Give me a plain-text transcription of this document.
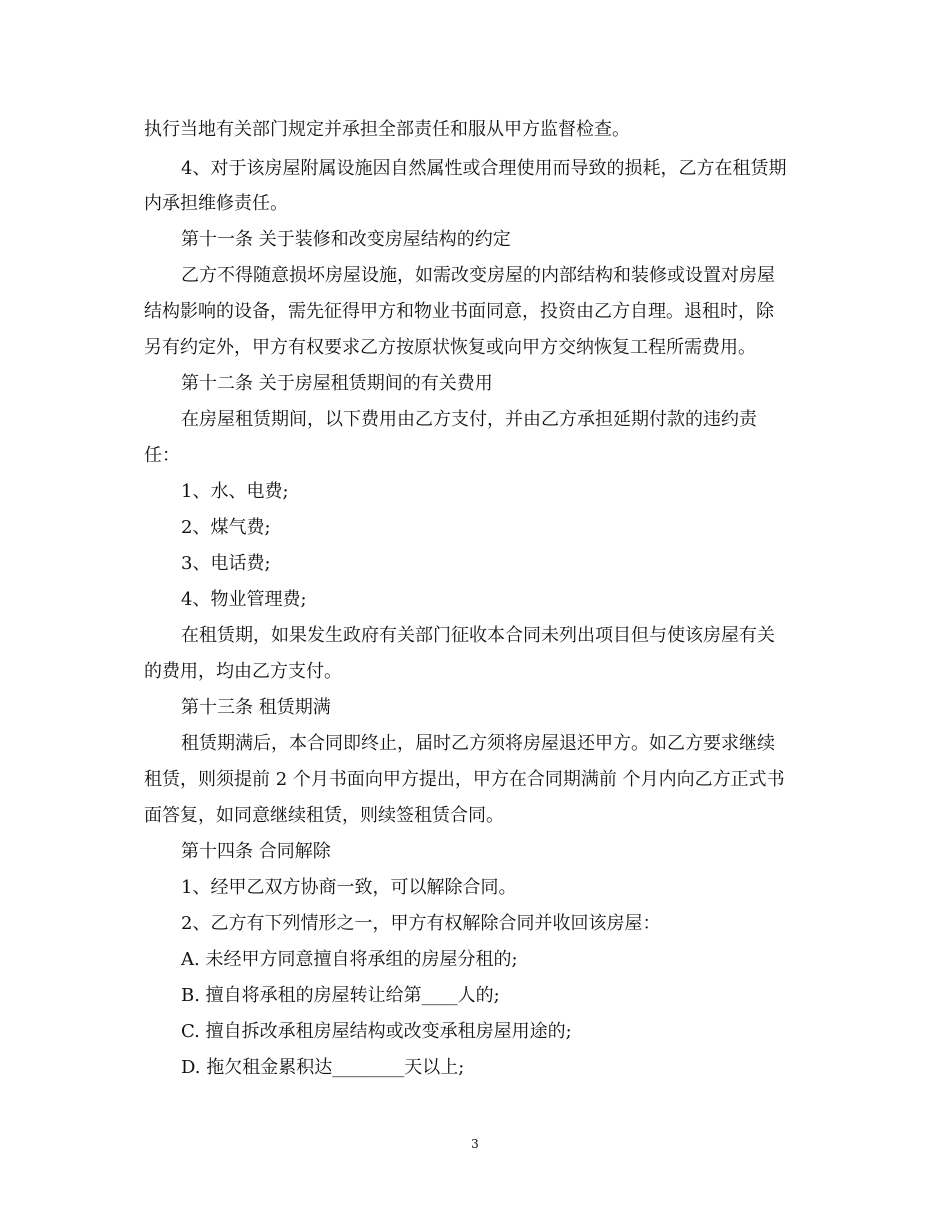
执行当地有关部门规定并承担全部责任和服从甲方监督检查。
4、对于该房屋附属设施因自然属性或合理使用而导致的损耗，乙方在租赁期
内承担维修责任。
第十一条 关于装修和改变房屋结构的约定
乙方不得随意损坏房屋设施，如需改变房屋的内部结构和装修或设置对房屋
结构影响的设备，需先征得甲方和物业书面同意，投资由乙方自理。退租时，除
另有约定外，甲方有权要求乙方按原状恢复或向甲方交纳恢复工程所需费用。
第十二条 关于房屋租赁期间的有关费用
在房屋租赁期间，以下费用由乙方支付，并由乙方承担延期付款的违约责
任：
1、水、电费;
2、煤气费;
3、电话费;
4、物业管理费;
在租赁期，如果发生政府有关部门征收本合同未列出项目但与使该房屋有关
的费用，均由乙方支付。
第十三条 租赁期满
租赁期满后，本合同即终止，届时乙方须将房屋退还甲方。如乙方要求继续
租赁，则须提前 2 个月书面向甲方提出，甲方在合同期满前 个月内向乙方正式书
面答复，如同意继续租赁，则续签租赁合同。
第十四条 合同解除
1、经甲乙双方协商一致，可以解除合同。
2、乙方有下列情形之一，甲方有权解除合同并收回该房屋：
A. 未经甲方同意擅自将承组的房屋分租的;
B. 擅自将承租的房屋转让给第____人的;
C. 擅自拆改承租房屋结构或改变承租房屋用途的;
D. 拖欠租金累积达________天以上;
3
